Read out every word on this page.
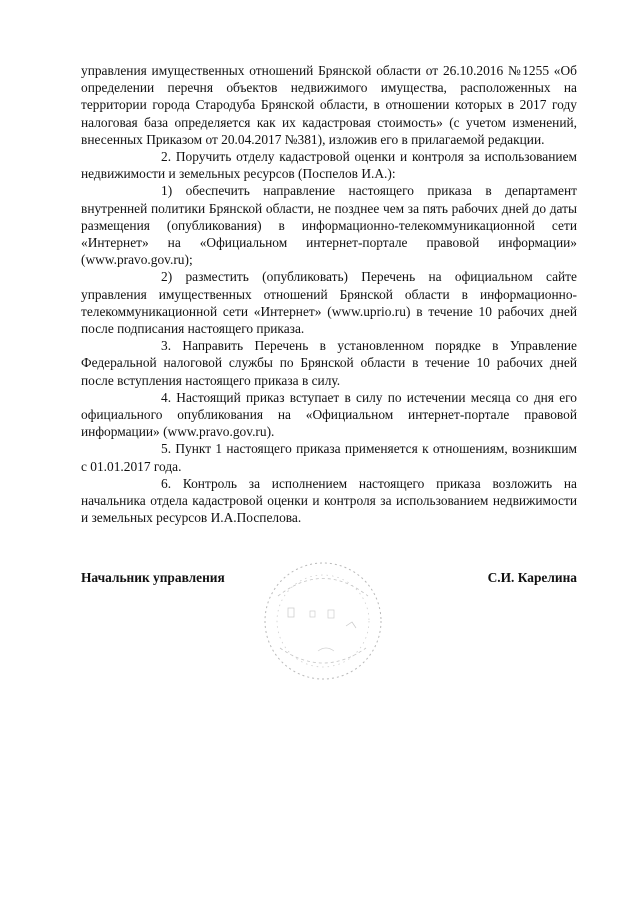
управления имущественных отношений Брянской области от 26.10.2016 №1255 «Об определении перечня объектов недвижимого имущества, расположенных на территории города Стародуба Брянской области, в отношении которых в 2017 году налоговая база определяется как их кадастровая стоимость» (с учетом изменений, внесенных Приказом от 20.04.2017 №381), изложив его в прилагаемой редакции.

2. Поручить отделу кадастровой оценки и контроля за использованием недвижимости и земельных ресурсов (Поспелов И.А.):

1) обеспечить направление настоящего приказа в департамент внутренней политики Брянской области, не позднее чем за пять рабочих дней до даты размещения (опубликования) в информационно-телекоммуникационной сети «Интернет» на «Официальном интернет-портале правовой информации» (www.pravo.gov.ru);

2) разместить (опубликовать) Перечень на официальном сайте управления имущественных отношений Брянской области в информационно-телекоммуникационной сети «Интернет» (www.uprio.ru) в течение 10 рабочих дней после подписания настоящего приказа.

3. Направить Перечень в установленном порядке в Управление Федеральной налоговой службы по Брянской области в течение 10 рабочих дней после вступления настоящего приказа в силу.

4. Настоящий приказ вступает в силу по истечении месяца со дня его официального опубликования на «Официальном интернет-портале правовой информации» (www.pravo.gov.ru).

5. Пункт 1 настоящего приказа применяется к отношениям, возникшим с 01.01.2017 года.

6. Контроль за исполнением настоящего приказа возложить на начальника отдела кадастровой оценки и контроля за использованием недвижимости и земельных ресурсов И.А.Поспелова.

Начальник управления	С.И. Карелина
